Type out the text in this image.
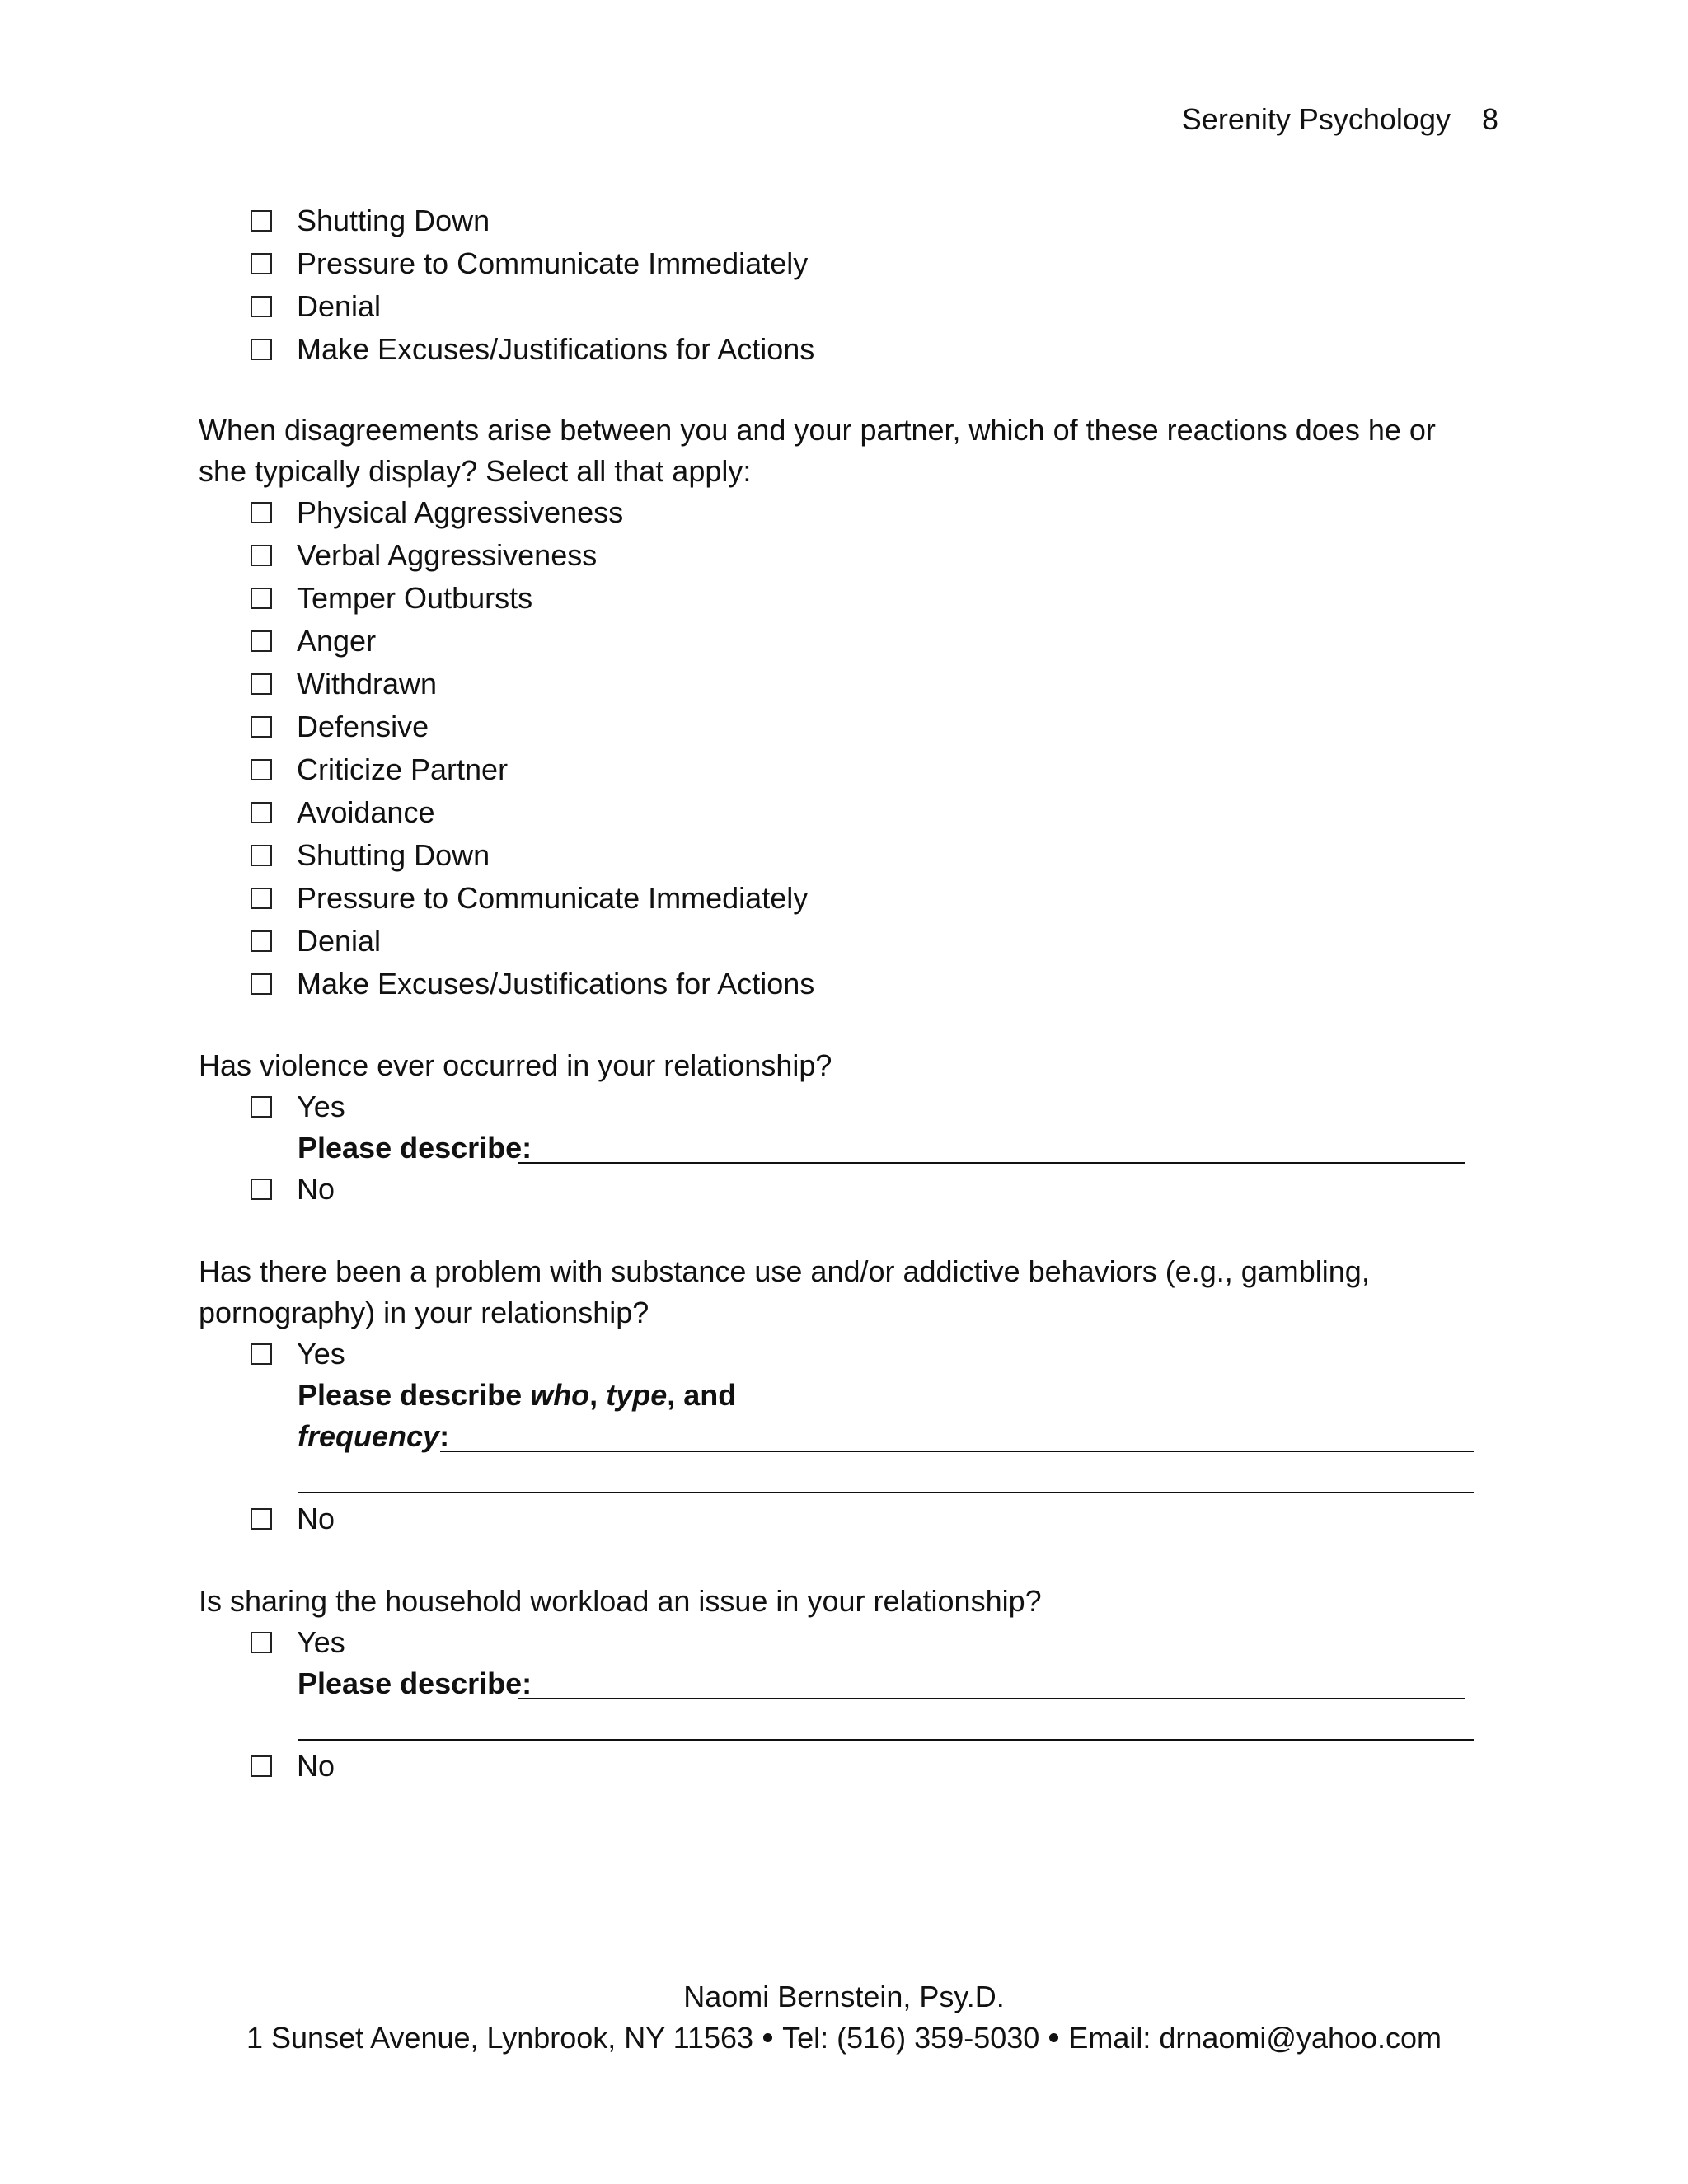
Serenity Psychology 8
Shutting Down
Pressure to Communicate Immediately
Denial
Make Excuses/Justifications for Actions
When disagreements arise between you and your partner, which of these reactions does he or she typically display? Select all that apply:
Physical Aggressiveness
Verbal Aggressiveness
Temper Outbursts
Anger
Withdrawn
Defensive
Criticize Partner
Avoidance
Shutting Down
Pressure to Communicate Immediately
Denial
Make Excuses/Justifications for Actions
Has violence ever occurred in your relationship?
Yes
Please describe:
No
Has there been a problem with substance use and/or addictive behaviors (e.g., gambling, pornography) in your relationship?
Yes
Please describe who, type, and
frequency:
No
Is sharing the household workload an issue in your relationship?
Yes
Please describe:
No
Naomi Bernstein, Psy.D.
1 Sunset Avenue, Lynbrook, NY 11563 Tel: (516) 359-5030 Email: drnaomi@yahoo.com
